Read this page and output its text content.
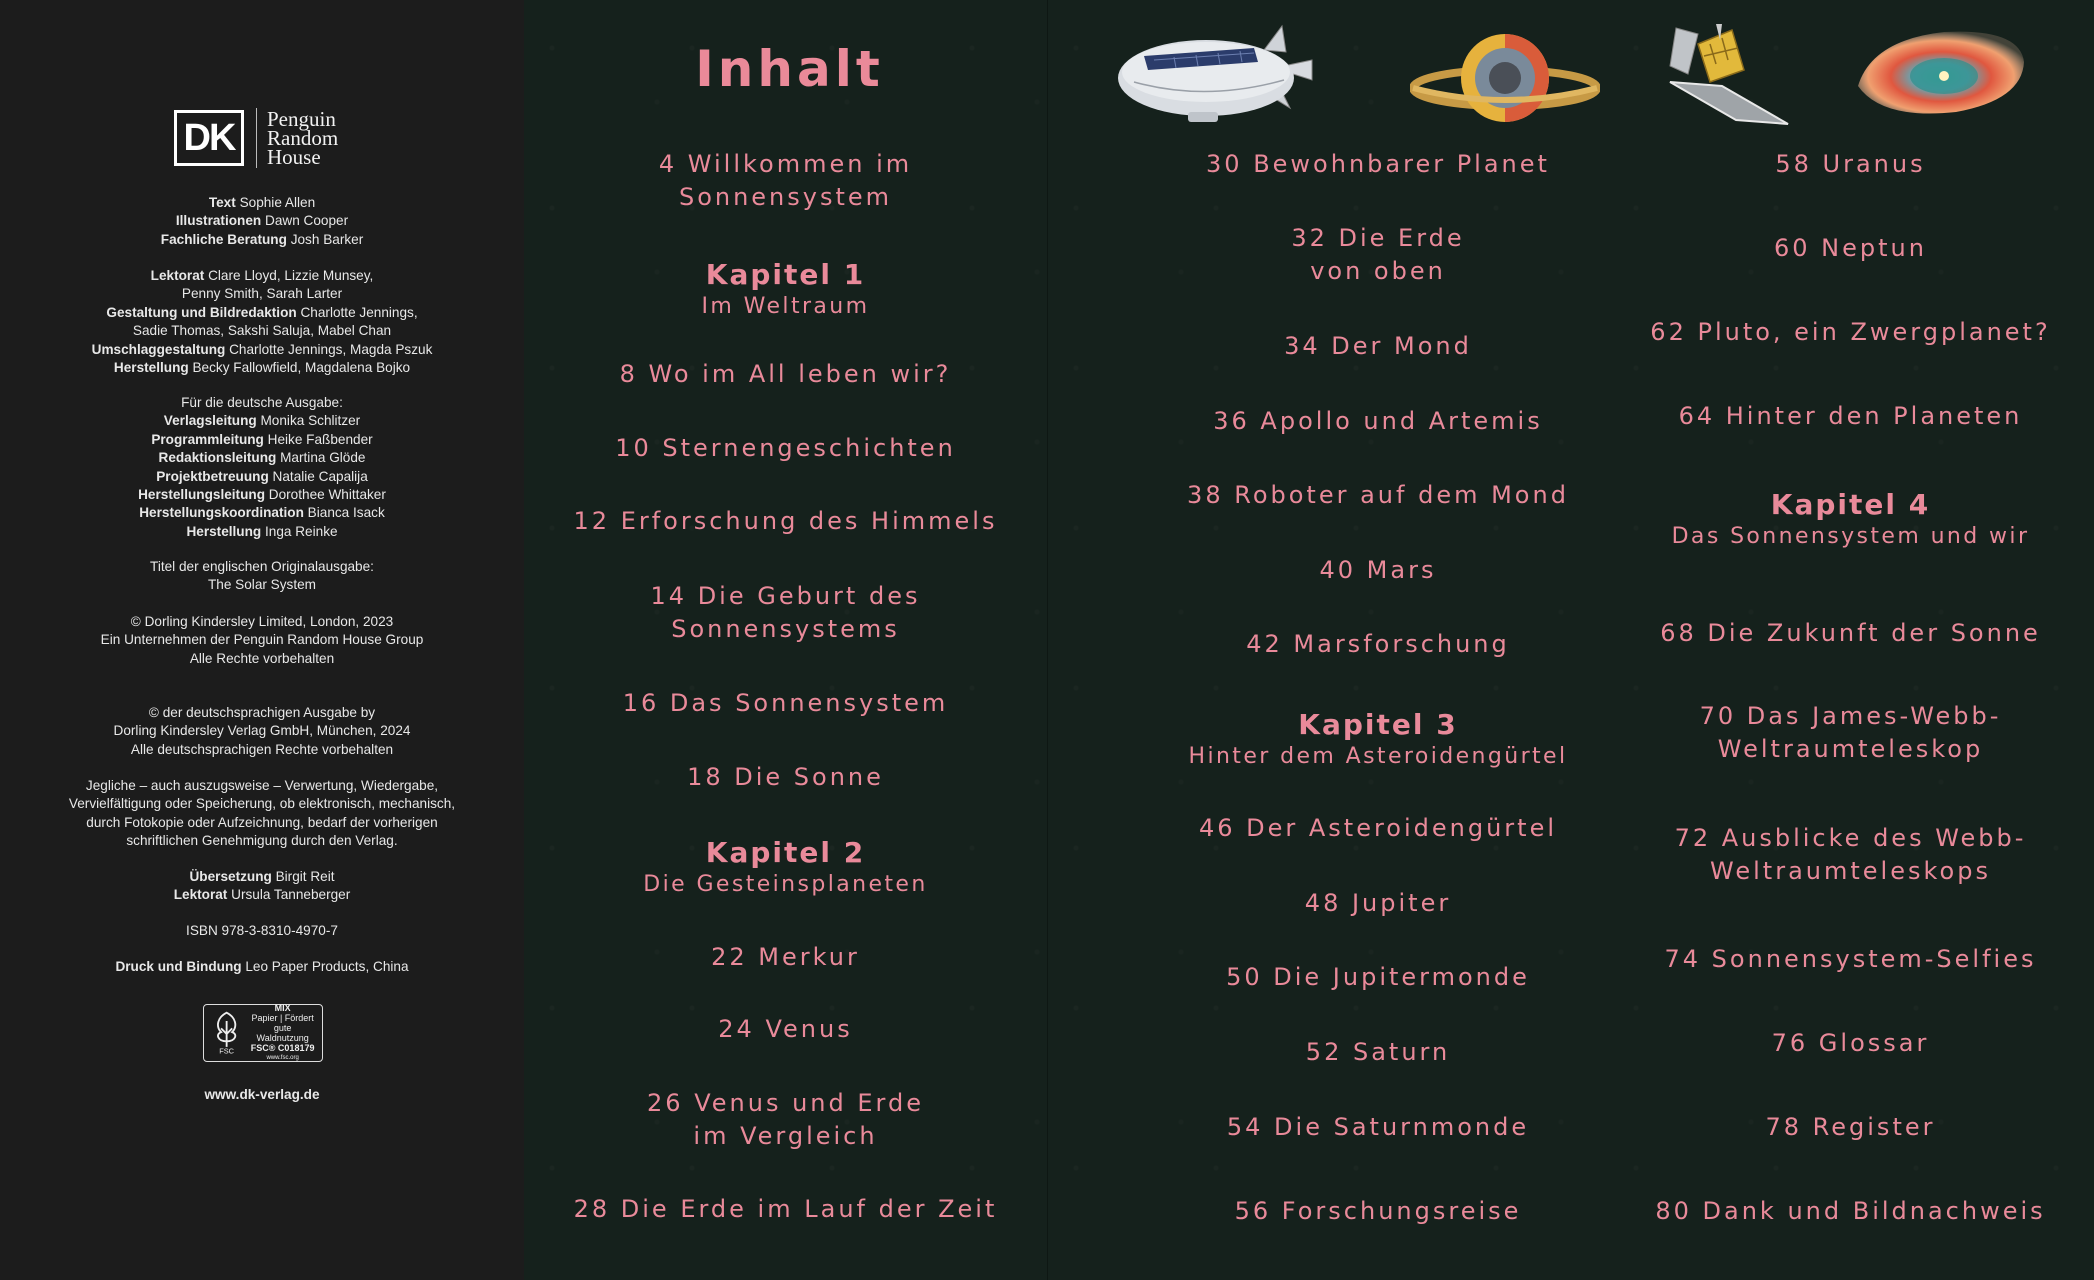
DK	Penguin
Random
House
Text Sophie Allen
Illustrationen Dawn Cooper
Fachliche Beratung Josh Barker
Lektorat Clare Lloyd, Lizzie Munsey,
Penny Smith, Sarah Larter
Gestaltung und Bildredaktion Charlotte Jennings,
Sadie Thomas, Sakshi Saluja, Mabel Chan
Umschlaggestaltung Charlotte Jennings, Magda Pszuk
Herstellung Becky Fallowfield, Magdalena Bojko
Für die deutsche Ausgabe:
Verlagsleitung Monika Schlitzer
Programmleitung Heike Faßbender
Redaktionsleitung Martina Glöde
Projektbetreuung Natalie Capalija
Herstellungsleitung Dorothee Whittaker
Herstellungskoordination Bianca Isack
Herstellung Inga Reinke
Titel der englischen Originalausgabe:
The Solar System
© Dorling Kindersley Limited, London, 2023
Ein Unternehmen der Penguin Random House Group
Alle Rechte vorbehalten
© der deutschsprachigen Ausgabe by
Dorling Kindersley Verlag GmbH, München, 2024
Alle deutschsprachigen Rechte vorbehalten
Jegliche – auch auszugsweise – Verwertung, Wiedergabe,
Vervielfältigung oder Speicherung, ob elektronisch, mechanisch,
durch Fotokopie oder Aufzeichnung, bedarf der vorherigen
schriftlichen Genehmigung durch den Verlag.
Übersetzung Birgit Reit
Lektorat Ursula Tanneberger
ISBN 978-3-8310-4970-7
Druck und Bindung Leo Paper Products, China
FSC
MIX
Papier | Fördert
gute Waldnutzung
FSC® C018179
www.fsc.org
www.dk-verlag.de
Inhalt
4 Willkommen im
Sonnensystem
Kapitel 1
Im Weltraum
8 Wo im All leben wir?
10 Sternengeschichten
12 Erforschung des Himmels
14 Die Geburt des
Sonnensystems
16 Das Sonnensystem
18 Die Sonne
Kapitel 2
Die Gesteinsplaneten
22 Merkur
24 Venus
26 Venus und Erde
im Vergleich
28 Die Erde im Lauf der Zeit
30 Bewohnbarer Planet
32 Die Erde
von oben
34 Der Mond
36 Apollo und Artemis
38 Roboter auf dem Mond
40 Mars
42 Marsforschung
Kapitel 3
Hinter dem Asteroidengürtel
46 Der Asteroidengürtel
48 Jupiter
50 Die Jupitermonde
52 Saturn
54 Die Saturnmonde
56 Forschungsreise
58 Uranus
60 Neptun
62 Pluto, ein Zwergplanet?
64 Hinter den Planeten
Kapitel 4
Das Sonnensystem und wir
68 Die Zukunft der Sonne
70 Das James-Webb-
Weltraumteleskop
72 Ausblicke des Webb-
Weltraumteleskops
74 Sonnensystem-Selfies
76 Glossar
78 Register
80 Dank und Bildnachweis
